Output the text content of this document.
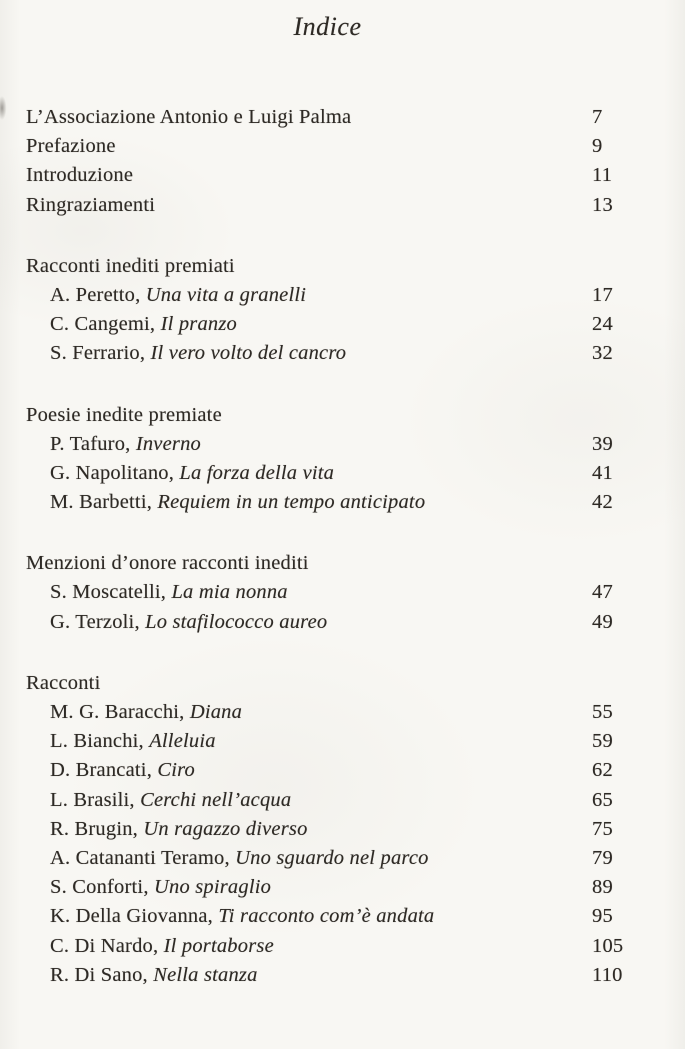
Indice
L’Associazione Antonio e Luigi Palma	7
Prefazione	9
Introduzione	11
Ringraziamenti	13
Racconti inediti premiati
A. Peretto, Una vita a granelli	17
C. Cangemi, Il pranzo	24
S. Ferrario, Il vero volto del cancro	32
Poesie inedite premiate
P. Tafuro, Inverno	39
G. Napolitano, La forza della vita	41
M. Barbetti, Requiem in un tempo anticipato	42
Menzioni d’onore racconti inediti
S. Moscatelli, La mia nonna	47
G. Terzoli, Lo stafilococco aureo	49
Racconti
M. G. Baracchi, Diana	55
L. Bianchi, Alleluia	59
D. Brancati, Ciro	62
L. Brasili, Cerchi nell’acqua	65
R. Brugin, Un ragazzo diverso	75
A. Catananti Teramo, Uno sguardo nel parco	79
S. Conforti, Uno spiraglio	89
K. Della Giovanna, Ti racconto com’è andata	95
C. Di Nardo, Il portaborse	105
R. Di Sano, Nella stanza	110
